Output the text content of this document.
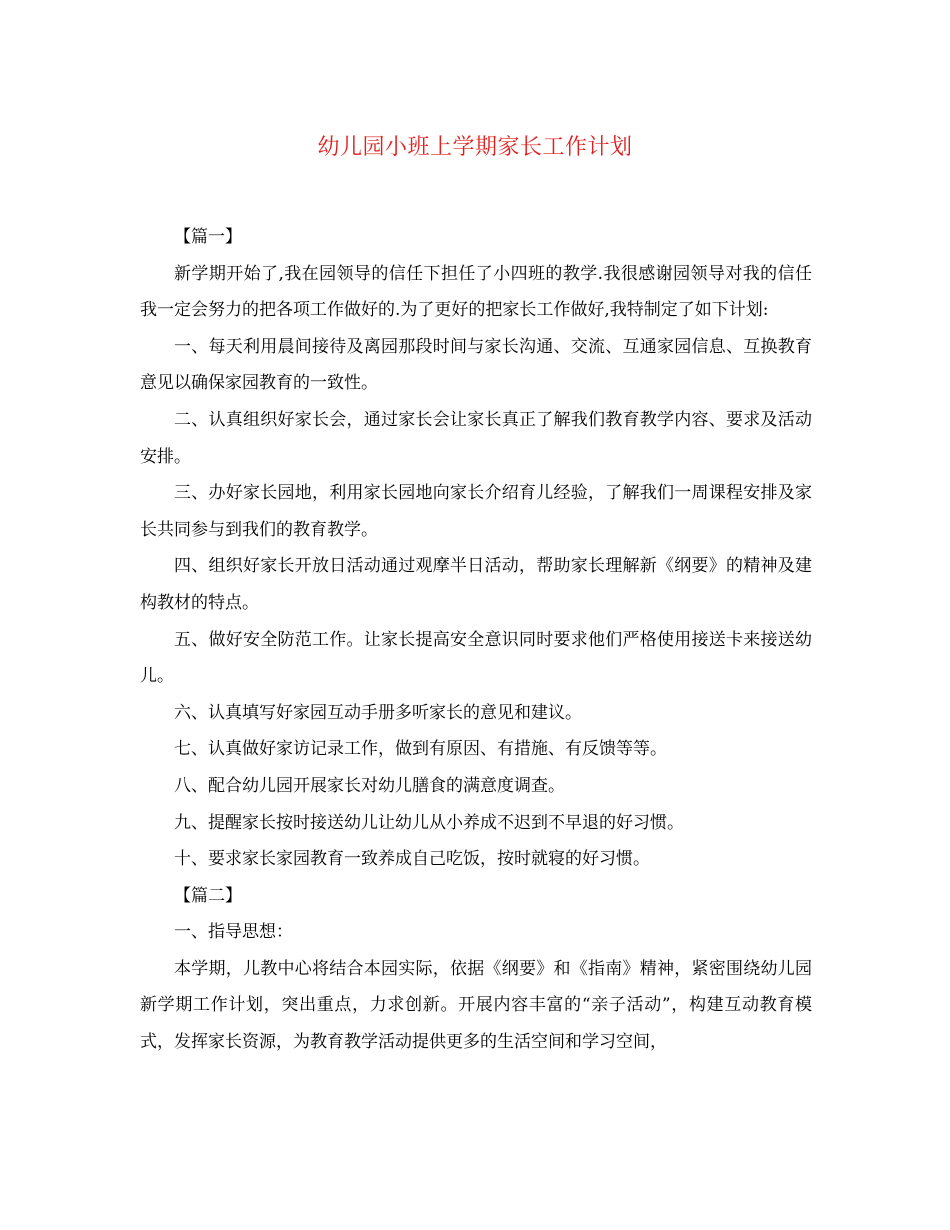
幼儿园小班上学期家长工作计划

【篇一】

新学期开始了,我在园领导的信任下担任了小四班的教学.我很感谢园领导对我的信任我一定会努力的把各项工作做好的.为了更好的把家长工作做好,我特制定了如下计划:

一、每天利用晨间接待及离园那段时间与家长沟通、交流、互通家园信息、互换教育意见以确保家园教育的一致性。

二、认真组织好家长会，通过家长会让家长真正了解我们教育教学内容、要求及活动安排。

三、办好家长园地，利用家长园地向家长介绍育儿经验，了解我们一周课程安排及家长共同参与到我们的教育教学。

四、组织好家长开放日活动通过观摩半日活动，帮助家长理解新《纲要》的精神及建构教材的特点。

五、做好安全防范工作。让家长提高安全意识同时要求他们严格使用接送卡来接送幼儿。

六、认真填写好家园互动手册多听家长的意见和建议。

七、认真做好家访记录工作，做到有原因、有措施、有反馈等等。

八、配合幼儿园开展家长对幼儿膳食的满意度调查。

九、提醒家长按时接送幼儿让幼儿从小养成不迟到不早退的好习惯。

十、要求家长家园教育一致养成自己吃饭，按时就寝的好习惯。

【篇二】

一、指导思想：

本学期，儿教中心将结合本园实际，依据《纲要》和《指南》精神，紧密围绕幼儿园新学期工作计划，突出重点，力求创新。开展内容丰富的“亲子活动”，构建互动教育模式，发挥家长资源，为教育教学活动提供更多的生活空间和学习空间，
